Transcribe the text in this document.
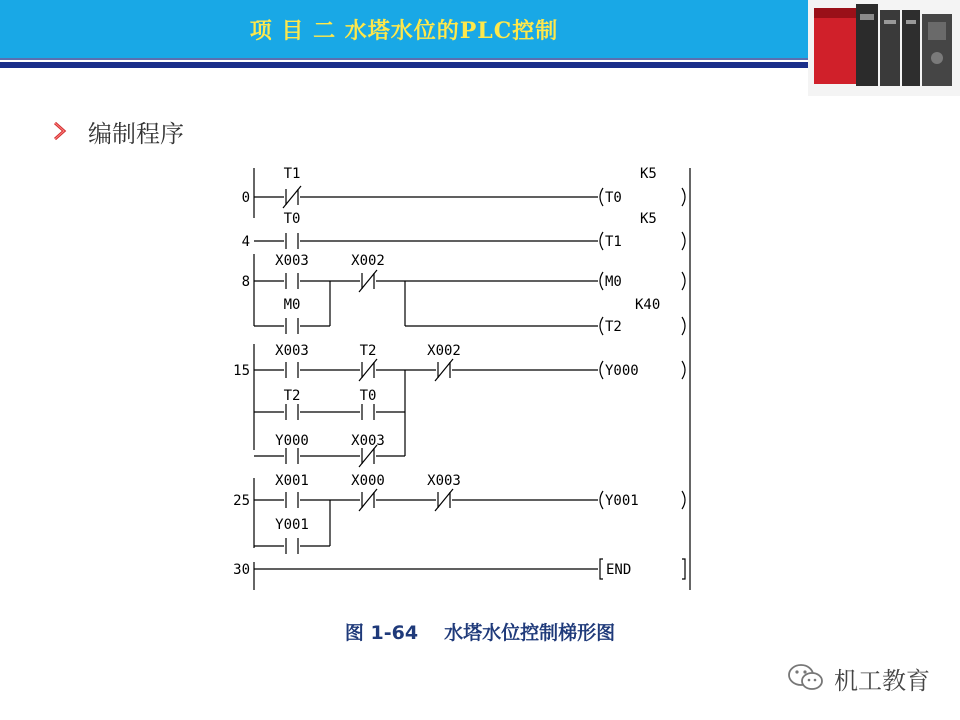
项 目 二 水塔水位的PLC控制
编制程序
0
4
8
15
25
30
T1
T0
X003	X002
M0
X003	T2	X002
T2	T0
Y000	X003
X001	X000	X003
Y001
T0
T1
M0
T2
Y000
Y001
END
K5
K5
K40
图 1-64 水塔水位控制梯形图
机工教育
